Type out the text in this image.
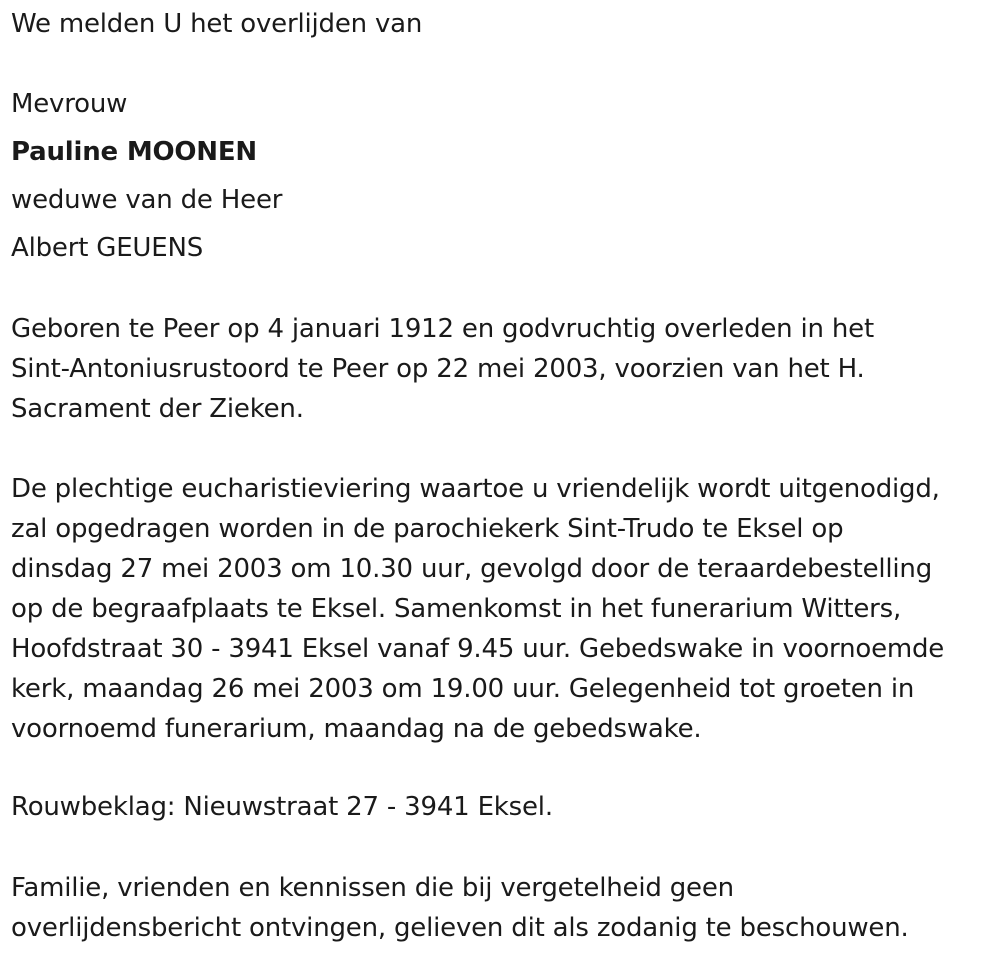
We melden U het overlijden van
Mevrouw
Pauline MOONEN
weduwe van de Heer
Albert GEUENS
Geboren te Peer op 4 januari 1912 en godvruchtig overleden in het
Sint-Antoniusrustoord te Peer op 22 mei 2003, voorzien van het H.
Sacrament der Zieken.
De plechtige eucharistieviering waartoe u vriendelijk wordt uitgenodigd,
zal opgedragen worden in de parochiekerk Sint-Trudo te Eksel op
dinsdag 27 mei 2003 om 10.30 uur, gevolgd door de teraardebestelling
op de begraafplaats te Eksel. Samenkomst in het funerarium Witters,
Hoofdstraat 30 - 3941 Eksel vanaf 9.45 uur. Gebedswake in voornoemde
kerk, maandag 26 mei 2003 om 19.00 uur. Gelegenheid tot groeten in
voornoemd funerarium, maandag na de gebedswake.
Rouwbeklag: Nieuwstraat 27 - 3941 Eksel.
Familie, vrienden en kennissen die bij vergetelheid geen
overlijdensbericht ontvingen, gelieven dit als zodanig te beschouwen.
